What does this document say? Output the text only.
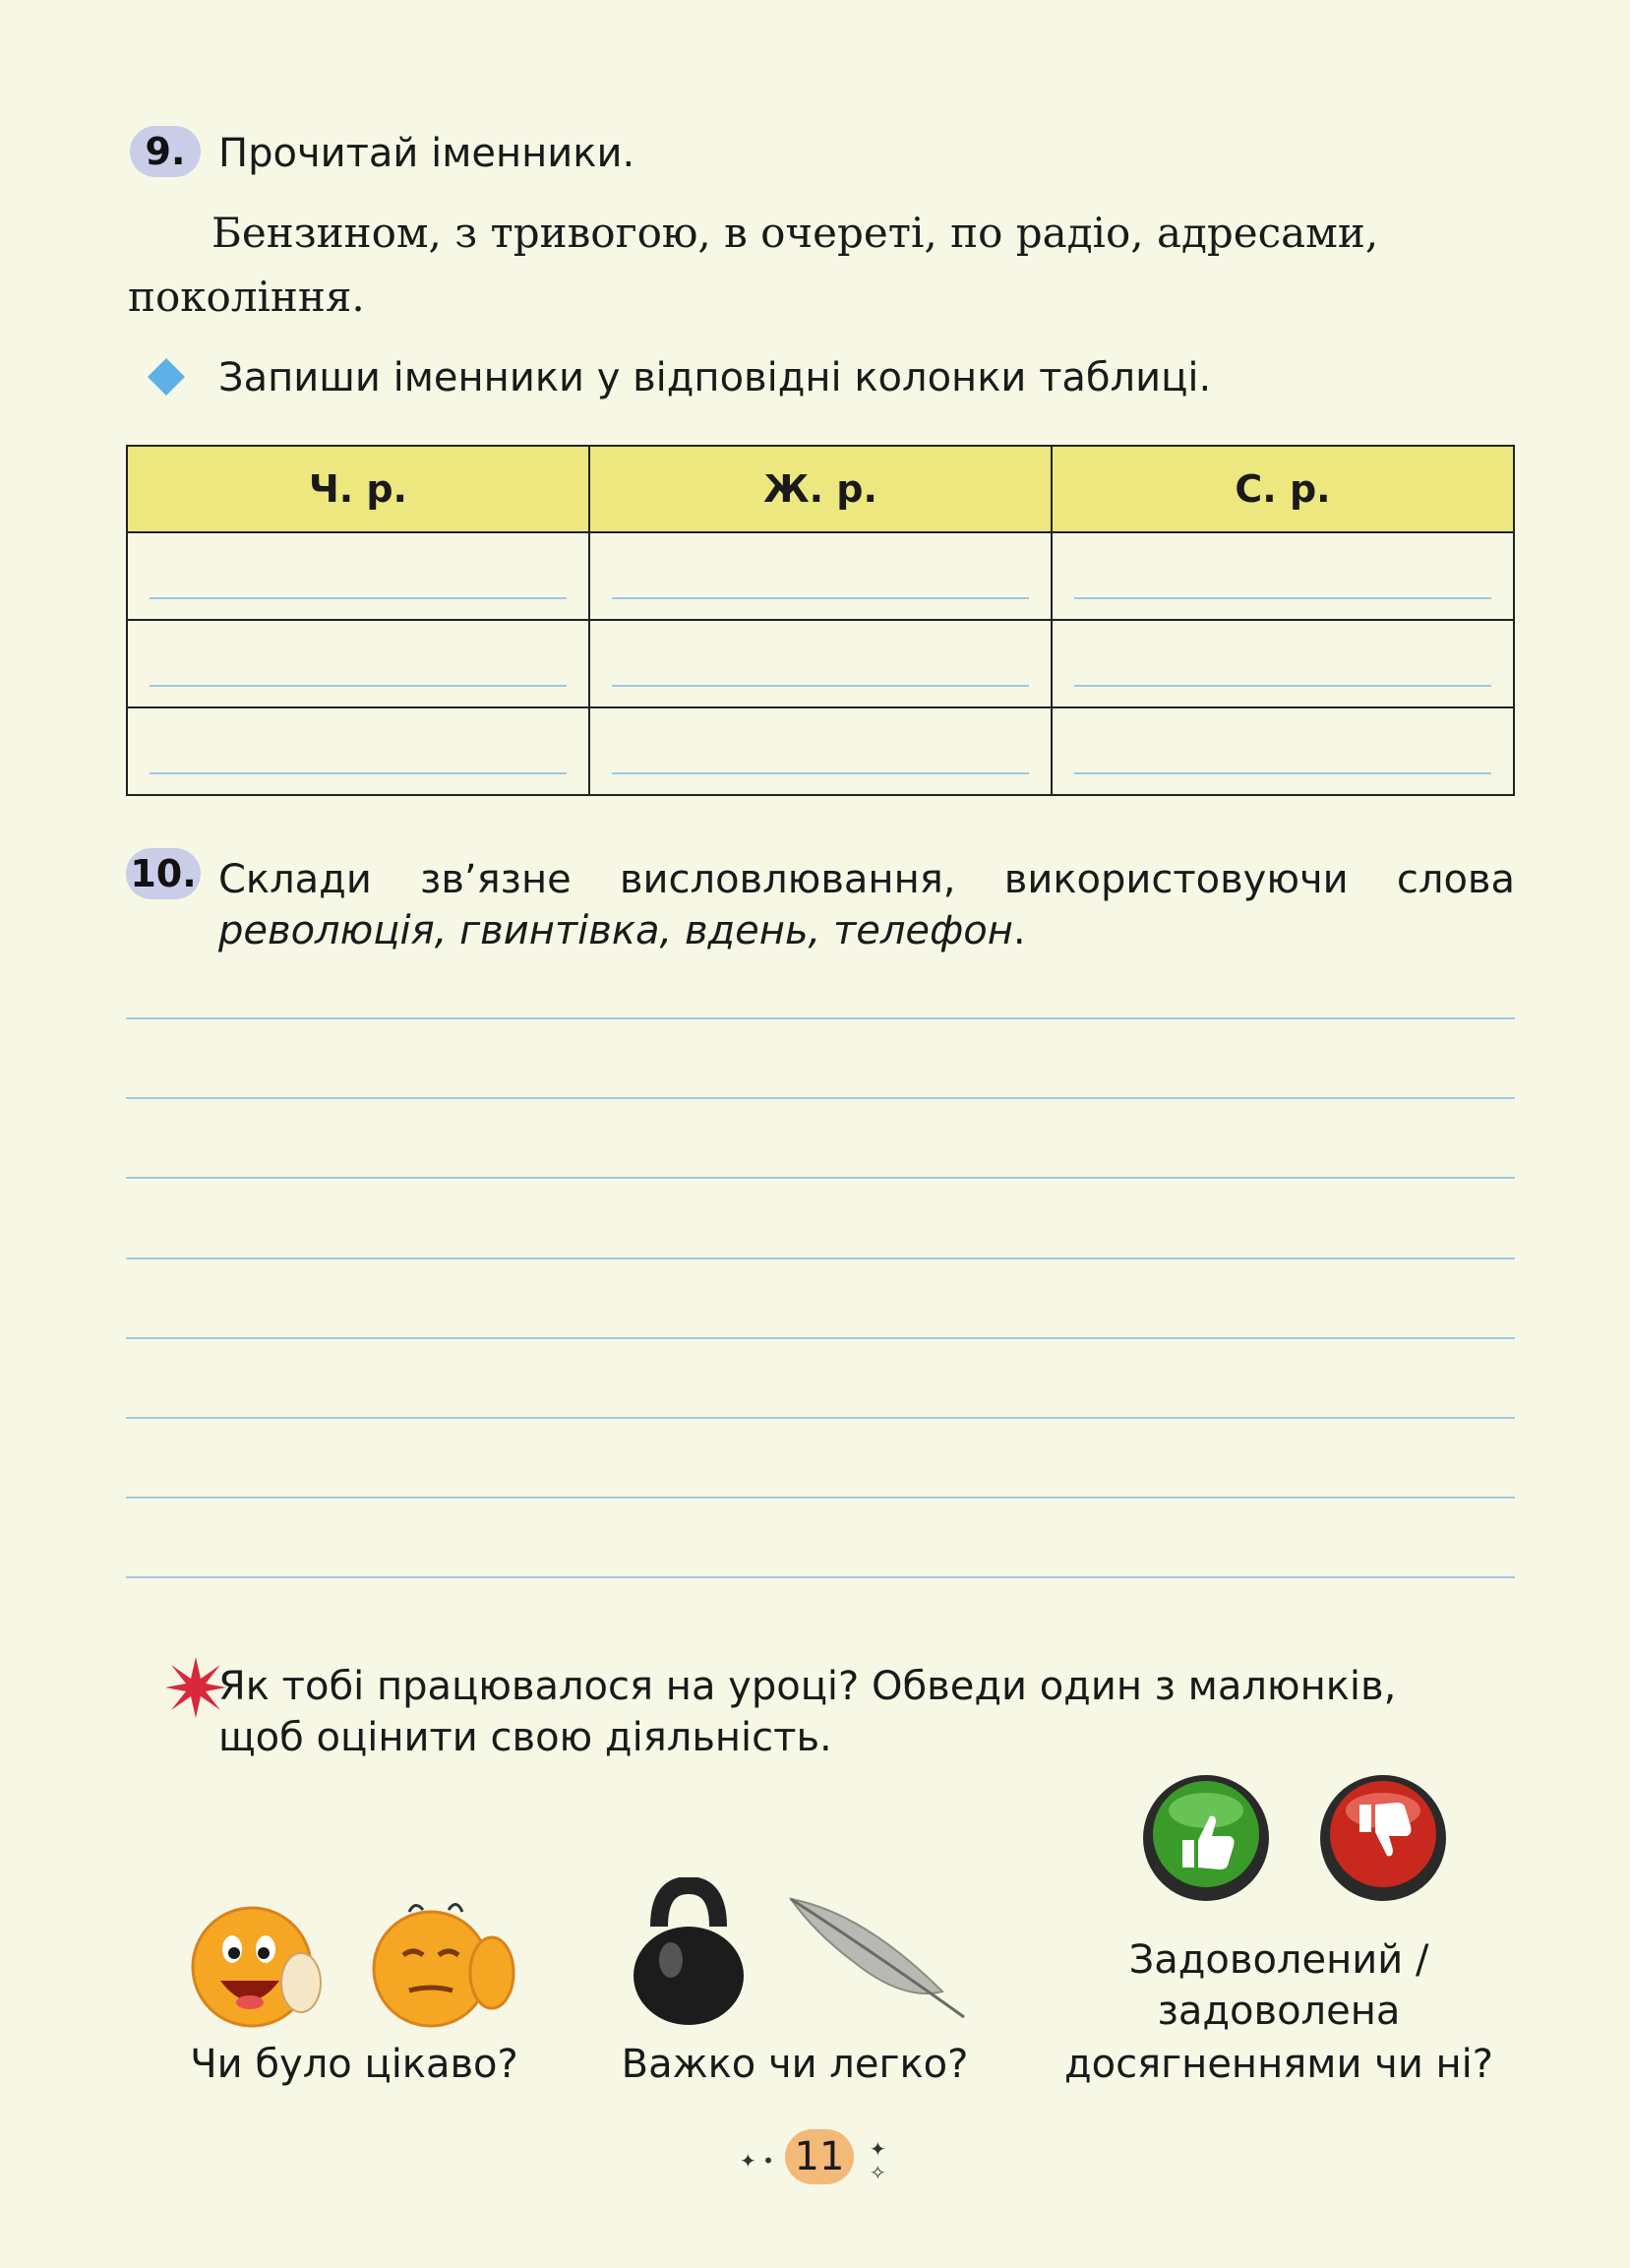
9. Прочитай іменники.
Бензином, з тривогою, в очереті, по радіо, адресами,
покоління.
Запиши іменники у відповідні колонки таблиці.
Ч. р.	Ж. р.	С. р.

10. Склади зв’язне висловлювання, використовуючи слова
революція, гвинтівка, вдень, телефон.
Як тобі працювалося на уроці? Обведи один з малюнків,
щоб оцінити свою діяльність.
Чи було цікаво?	Важко чи легко?
Задоволений /
задоволена
досягненнями чи ні?
✦ • 11	✦
✧
